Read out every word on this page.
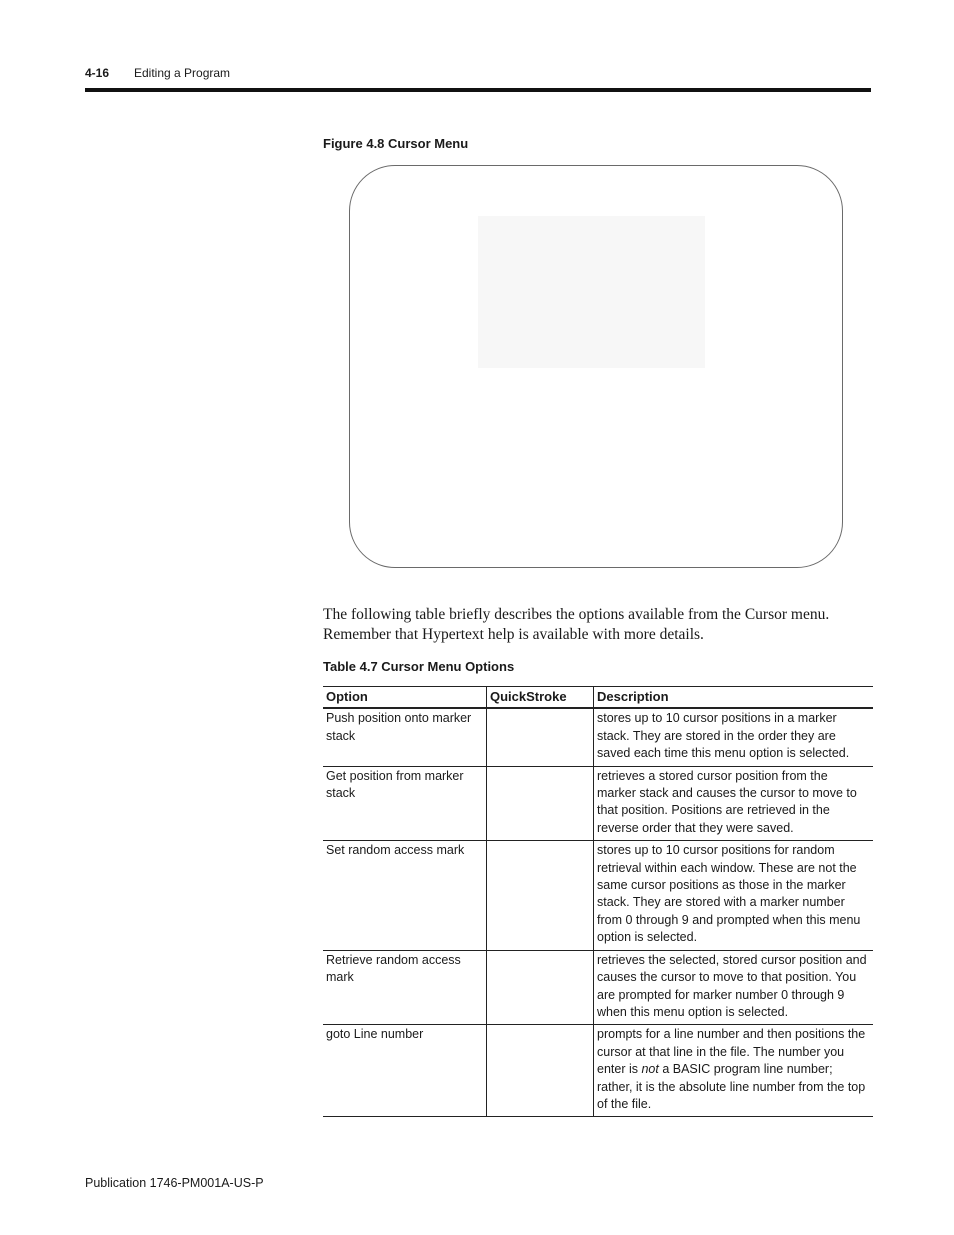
4-16 Editing a Program
Figure 4.8 Cursor Menu
The following table briefly describes the options available from the Cursor menu. Remember that Hypertext help is available with more details.
Table 4.7 Cursor Menu Options
Option	QuickStroke	Description
Push position onto marker stack		stores up to 10 cursor positions in a marker stack. They are stored in the order they are saved each time this menu option is selected.
Get position from marker stack		retrieves a stored cursor position from the marker stack and causes the cursor to move to that position. Positions are retrieved in the reverse order that they were saved.
Set random access mark		stores up to 10 cursor positions for random retrieval within each window. These are not the same cursor positions as those in the marker stack. They are stored with a marker number from 0 through 9 and prompted when this menu option is selected.
Retrieve random access mark		retrieves the selected, stored cursor position and causes the cursor to move to that position. You are prompted for marker number 0 through 9 when this menu option is selected.
goto Line number		prompts for a line number and then positions the cursor at that line in the file. The number you enter is not a BASIC program line number; rather, it is the absolute line number from the top of the file.
Publication 1746-PM001A-US-P
